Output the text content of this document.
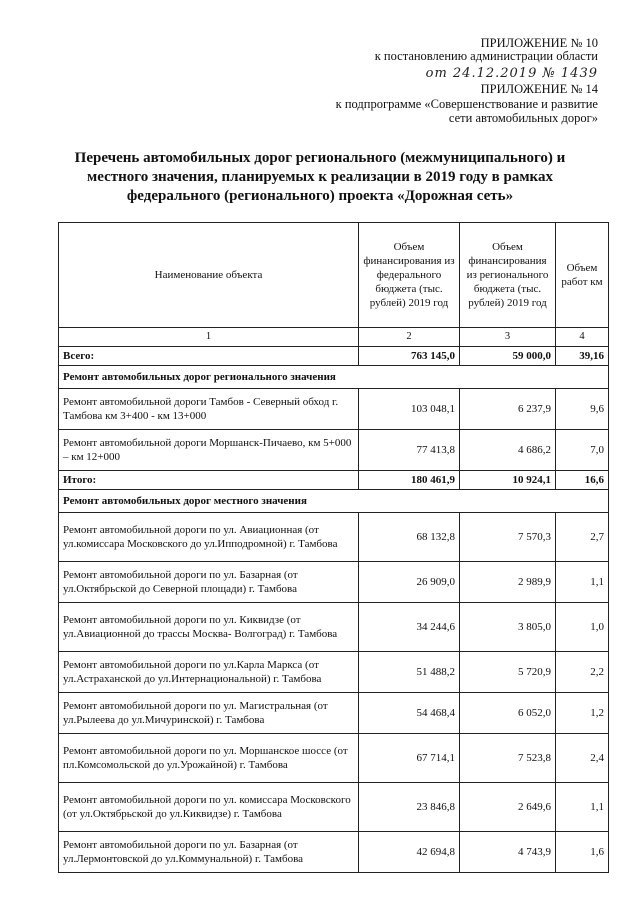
ПРИЛОЖЕНИЕ № 10
к постановлению администрации области
от 24.12.2019 № 1439
ПРИЛОЖЕНИЕ № 14
к подпрограмме «Совершенствование и развитие
сети автомобильных дорог»
Перечень автомобильных дорог регионального (межмуниципального) и
местного значения, планируемых к реализации в 2019 году в рамках
федерального (регионального) проекта «Дорожная сеть»
Наименование объекта	Объем финансирования из федерального бюджета (тыс. рублей) 2019 год	Объем финансирования из регионального бюджета (тыс. рублей) 2019 год	Объем работ км
1	2	3	4
Всего:	763 145,0	59 000,0	39,16
Ремонт автомобильных дорог регионального значения			
Ремонт автомобильной дороги Тамбов - Северный обход г. Тамбова км 3+400 - км 13+000	103 048,1	6 237,9	9,6
Ремонт автомобильной дороги Моршанск-Пичаево, км 5+000 – км 12+000	77 413,8	4 686,2	7,0
Итого:	180 461,9	10 924,1	16,6
Ремонт автомобильных дорог местного значения			
Ремонт автомобильной дороги по ул. Авиационная (от ул.комиссара Московского до ул.Ипподромной) г. Тамбова	68 132,8	7 570,3	2,7
Ремонт автомобильной дороги по ул. Базарная (от ул.Октябрьской до Северной площади) г. Тамбова	26 909,0	2 989,9	1,1
Ремонт автомобильной дороги по ул. Киквидзе (от ул.Авиационной до трассы Москва- Волгоград) г. Тамбова	34 244,6	3 805,0	1,0
Ремонт автомобильной дороги по ул.Карла Маркса (от ул.Астраханской до ул.Интернациональной) г. Тамбова	51 488,2	5 720,9	2,2
Ремонт автомобильной дороги по ул. Магистральная (от ул.Рылеева до ул.Мичуринской) г. Тамбова	54 468,4	6 052,0	1,2
Ремонт автомобильной дороги по ул. Моршанское шоссе (от пл.Комсомольской до ул.Урожайной) г. Тамбова	67 714,1	7 523,8	2,4
Ремонт автомобильной дороги по ул. комиссара Московского (от ул.Октябрьской до ул.Киквидзе) г. Тамбова	23 846,8	2 649,6	1,1
Ремонт автомобильной дороги по ул. Базарная (от ул.Лермонтовской до ул.Коммунальной) г. Тамбова	42 694,8	4 743,9	1,6
